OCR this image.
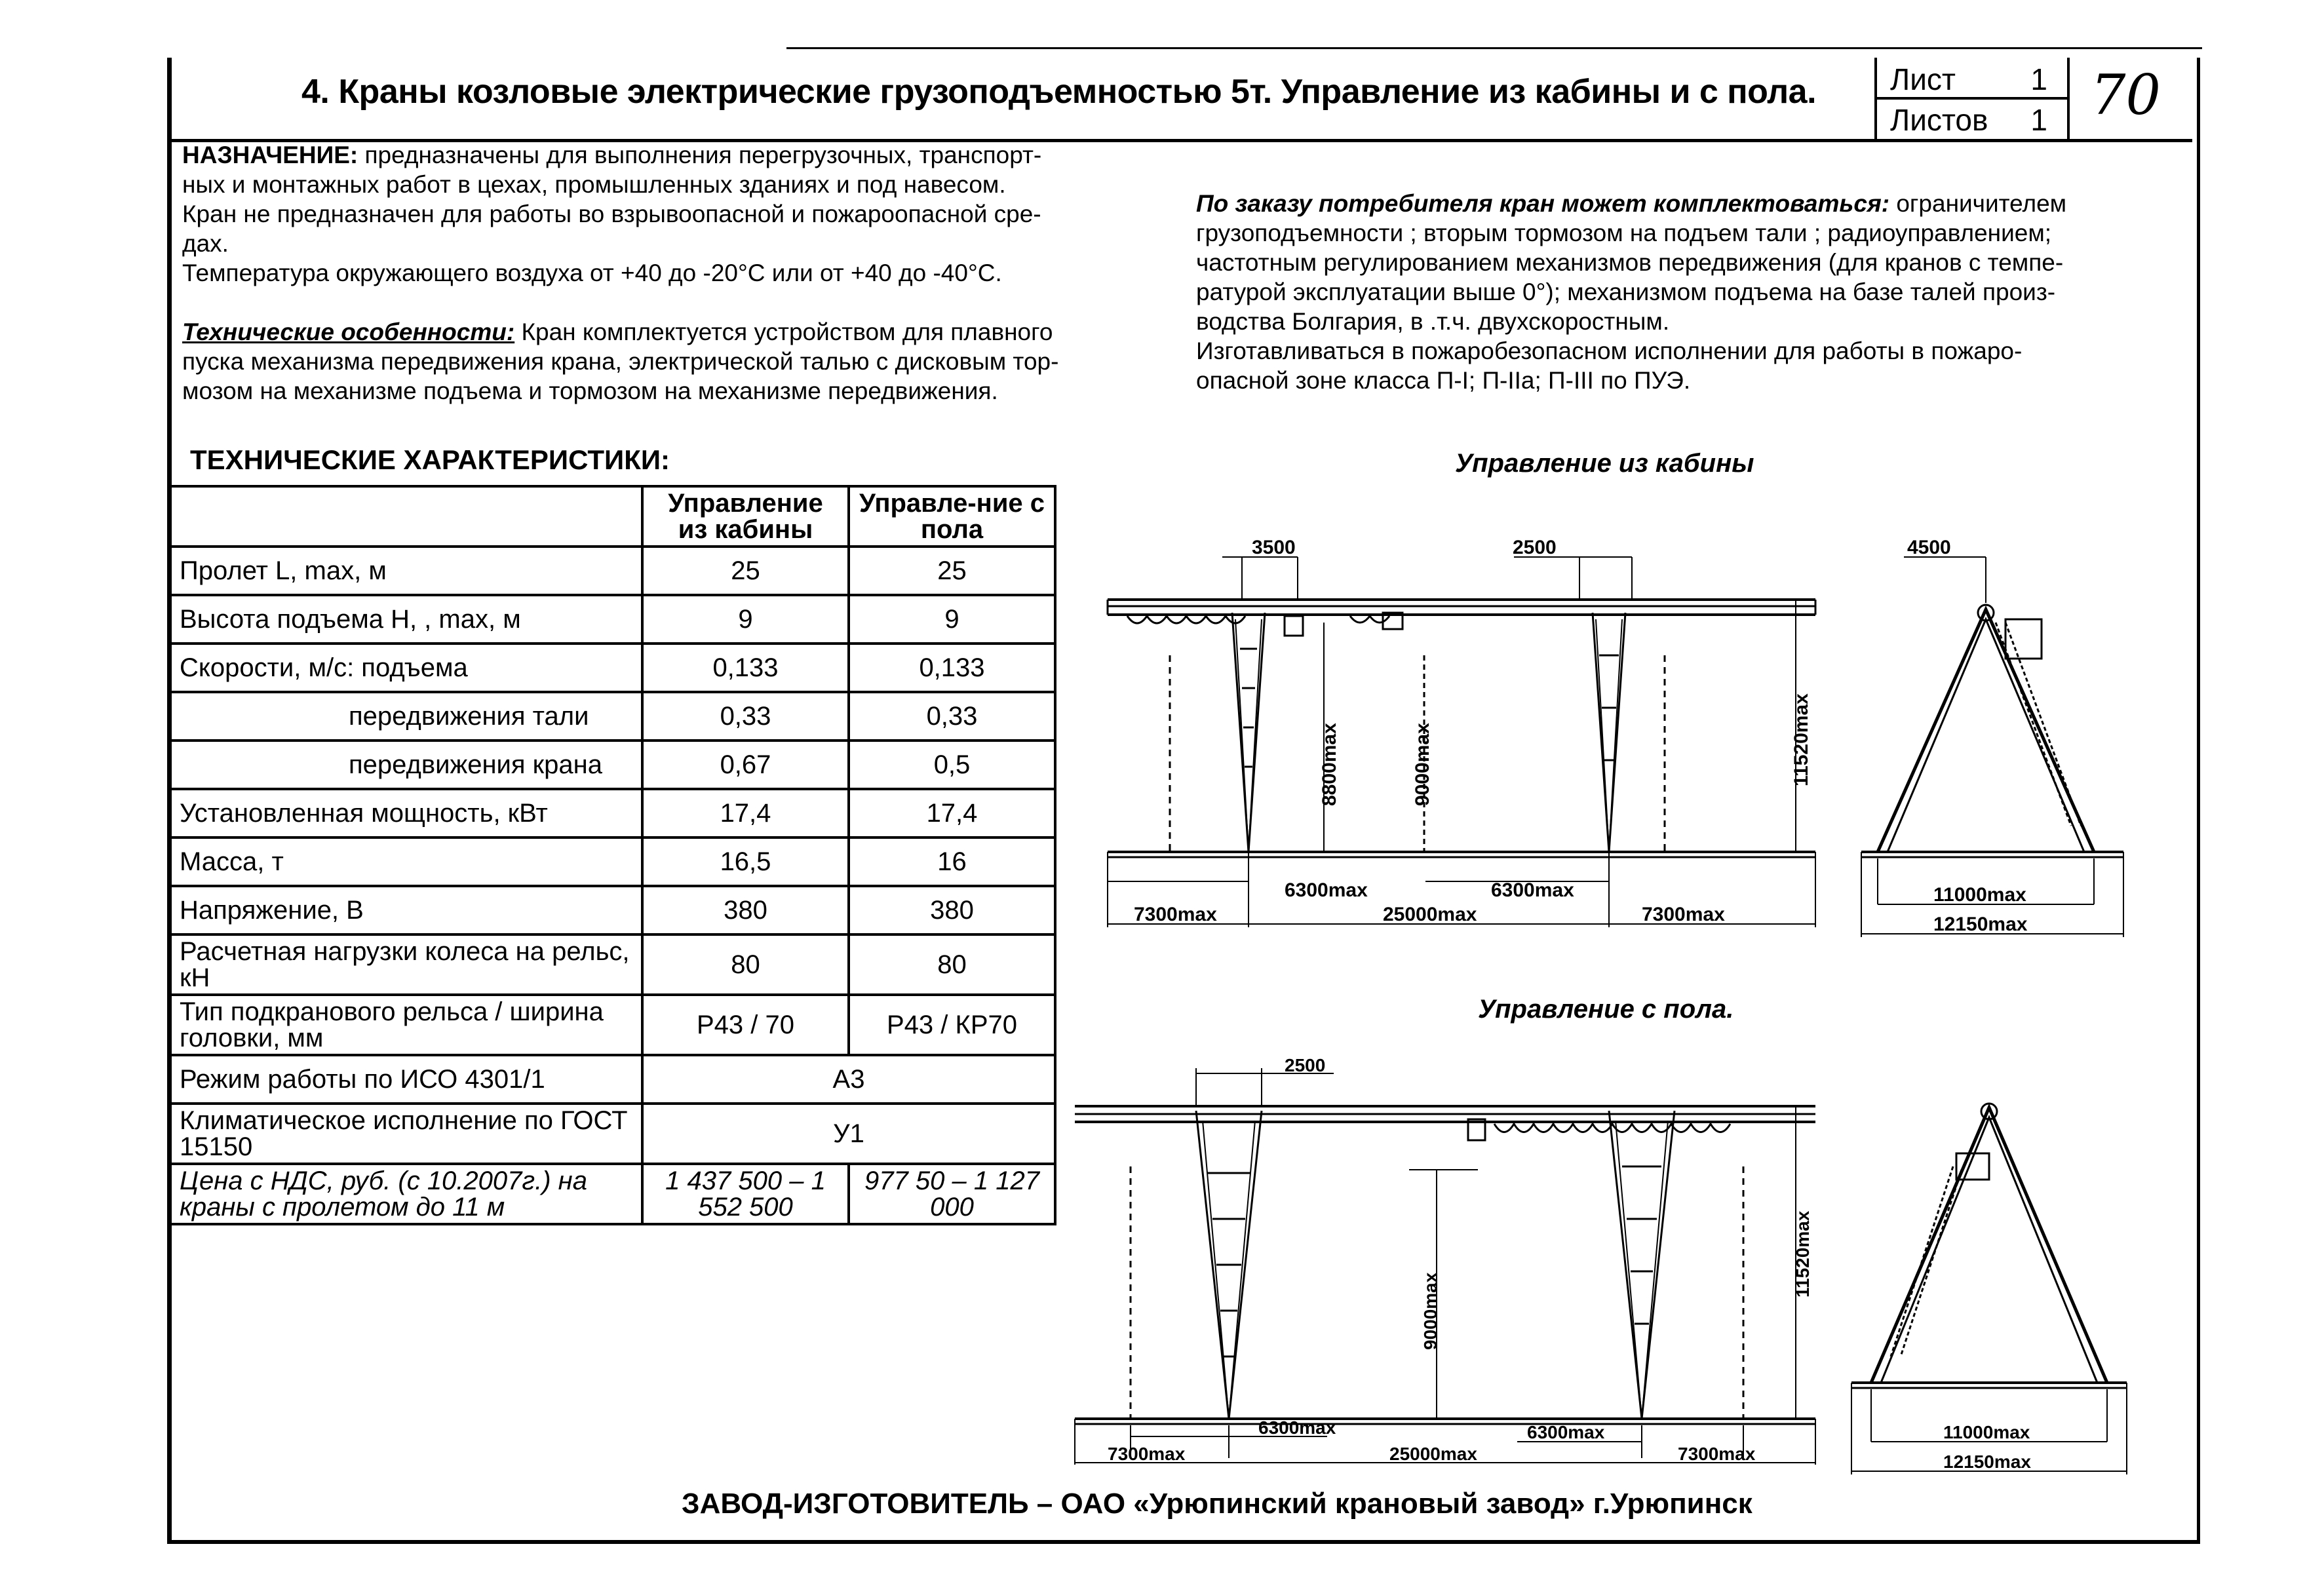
4. Краны козловые электрические грузоподъемностью 5т. Управление из кабины и с пола. Лист 1
Листов 1 70
НАЗНАЧЕНИЕ: предназначены для выполнения перегрузочных, транспорт-
ных и монтажных работ в цехах, промышленных зданиях и под навесом.
Кран не предназначен для работы во взрывоопасной и пожароопасной сре-
дах.
Температура окружающего воздуха от +40 до -20°С или от +40 до -40°С.
Технические особенности: Кран комплектуется устройством для плавного
пуска механизма передвижения крана, электрической талью с дисковым тор-
мозом на механизме подъема и тормозом на механизме передвижения.
По заказу потребителя кран может комплектоваться: ограничителем
грузоподъемности ; вторым тормозом на подъем тали ; радиоуправлением;
частотным регулированием механизмов передвижения (для кранов с темпе-
ратурой эксплуатации выше 0°); механизмом подъема на базе талей произ-
водства Болгария, в .т.ч. двухскоростным.
Изготавливаться в пожаробезопасном исполнении для работы в пожаро-
опасной зоне класса П-I; П-IIа; П-III по ПУЭ.
ТЕХНИЧЕСКИЕ ХАРАКТЕРИСТИКИ:
	Управление из кабины	Управле-ние с пола
Пролет L, max, м	25	25
Высота подъема H, , max, м	9	9
Скорости, м/с: подъема	0,133	0,133
передвижения тали	0,33	0,33
передвижения крана	0,67	0,5
Установленная мощность, кВт	17,4	17,4
Масса, т	16,5	16
Напряжение, В	380	380
Расчетная нагрузки колеса на рельс, кН	80	80
Тип подкранового рельса / ширина головки, мм	Р43 / 70	Р43 / КР70
Режим работы по ИСО 4301/1	А3	
Климатическое исполнение по ГОСТ 15150	У1	
Цена с НДС, руб. (с 10.2007г.) на краны с пролетом до 11 м	1 437 500 – 1 552 500	977 50 – 1 127 000
Управление из кабины
Управление с пола.
3500	2500
8800max	9000max	11520max
6300max	6300max
7300max	25000max	7300max
4500
11000max
12150max
2500
9000max
11520max
6300max	6300max
7300max	25000max	7300max
11000max
12150max
ЗАВОД-ИЗГОТОВИТЕЛЬ – ОАО «Урюпинский крановый завод» г.Урюпинск
